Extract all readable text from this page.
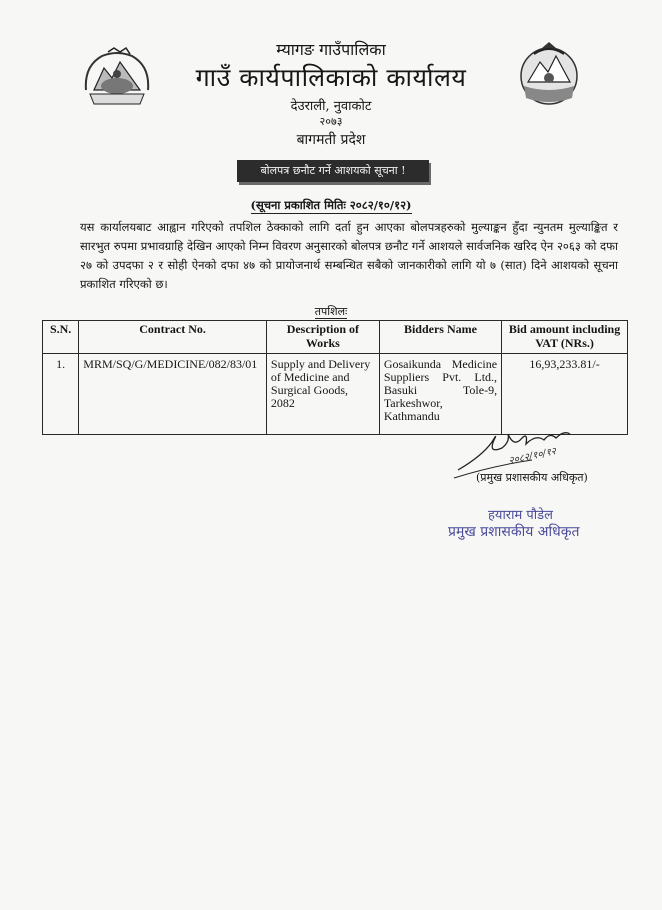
म्यागङ गाउँपालिका
गाउँ कार्यपालिकाको कार्यालय
देउराली, नुवाकोट
२०७३
बागमती प्रदेश
बोलपत्र छनौट गर्ने आशयको सूचना !
(सूचना प्रकाशित मितिः २०८२/१०/१२)
यस कार्यालयबाट आह्वान गरिएको तपशिल ठेक्काको लागि दर्ता हुन आएका बोलपत्रहरुको मुल्याङ्कन हुँदा न्युनतम मुल्याङ्कित र सारभुत रुपमा प्रभावग्राहि देखिन आएको निम्न विवरण अनुसारको बोलपत्र छनौट गर्ने आशयले सार्वजनिक खरिद ऐन २०६३ को दफा २७ को उपदफा २ र सोही ऐनको दफा ४७ को प्रायोजनार्थ सम्बन्धित सबैको जानकारीको लागि यो ७ (सात) दिने आशयको सूचना प्रकाशित गरिएको छ।
तपशिलः
S.N.	Contract No.	Description of Works	Bidders Name	Bid amount including VAT (NRs.)
1.	MRM/SQ/G/MEDICINE/082/83/01	Supply and Delivery of Medicine and Surgical Goods, 2082	Gosaikunda Medicine Suppliers Pvt. Ltd., Basuki Tole-9, Tarkeshwor, Kathmandu	16,93,233.81/-
२०८२/१०/१२
(प्रमुख प्रशासकीय अधिकृत)
हयाराम पौडेल
प्रमुख प्रशासकीय अधिकृत
